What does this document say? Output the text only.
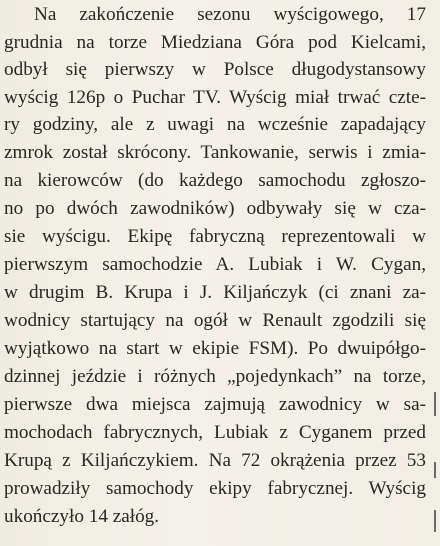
Na zakończenie sezonu wyścigowego, 17
grudnia na torze Miedziana Góra pod Kielcami,
odbył się pierwszy w Polsce długodystansowy
wyścig 126p o Puchar TV. Wyścig miał trwać czte-
ry godziny, ale z uwagi na wcześnie zapadający
zmrok został skrócony. Tankowanie, serwis i zmia-
na kierowców (do każdego samochodu zgłoszo-
no po dwóch zawodników) odbywały się w cza-
sie wyścigu. Ekipę fabryczną reprezentowali w
pierwszym samochodzie A. Lubiak i W. Cygan,
w drugim B. Krupa i J. Kiljańczyk (ci znani za-
wodnicy startujący na ogół w Renault zgodzili się
wyjątkowo na start w ekipie FSM). Po dwuipółgo-
dzinnej jeździe i różnych „pojedynkach” na torze,
pierwsze dwa miejsca zajmują zawodnicy w sa-
mochodach fabrycznych, Lubiak z Cyganem przed
Krupą z Kiljańczykiem. Na 72 okrążenia przez 53
prowadziły samochody ekipy fabrycznej. Wyścig
ukończyło 14 załóg.
